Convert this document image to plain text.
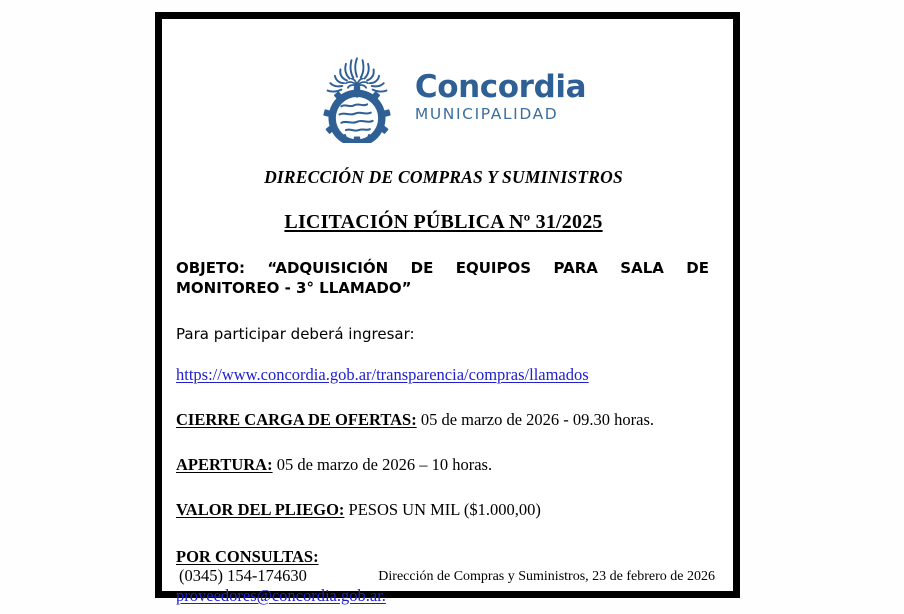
Concordia
MUNICIPALIDAD
DIRECCIÓN DE COMPRAS Y SUMINISTROS
LICITACIÓN PÚBLICA Nº 31/2025
OBJETO: “ADQUISICIÓN DE EQUIPOS PARA SALA DE MONITOREO - 3° LLAMADO”
Para participar deberá ingresar:
https://www.concordia.gob.ar/transparencia/compras/llamados
CIERRE CARGA DE OFERTAS: 05 de marzo de 2026 - 09.30 horas.
APERTURA: 05 de marzo de 2026 – 10 horas.
VALOR DEL PLIEGO: PESOS UN MIL ($1.000,00)
POR CONSULTAS:
(0345) 154-174630
proveedores@concordia.gob.ar.
Dirección de Compras y Suministros, 23 de febrero de 2026
